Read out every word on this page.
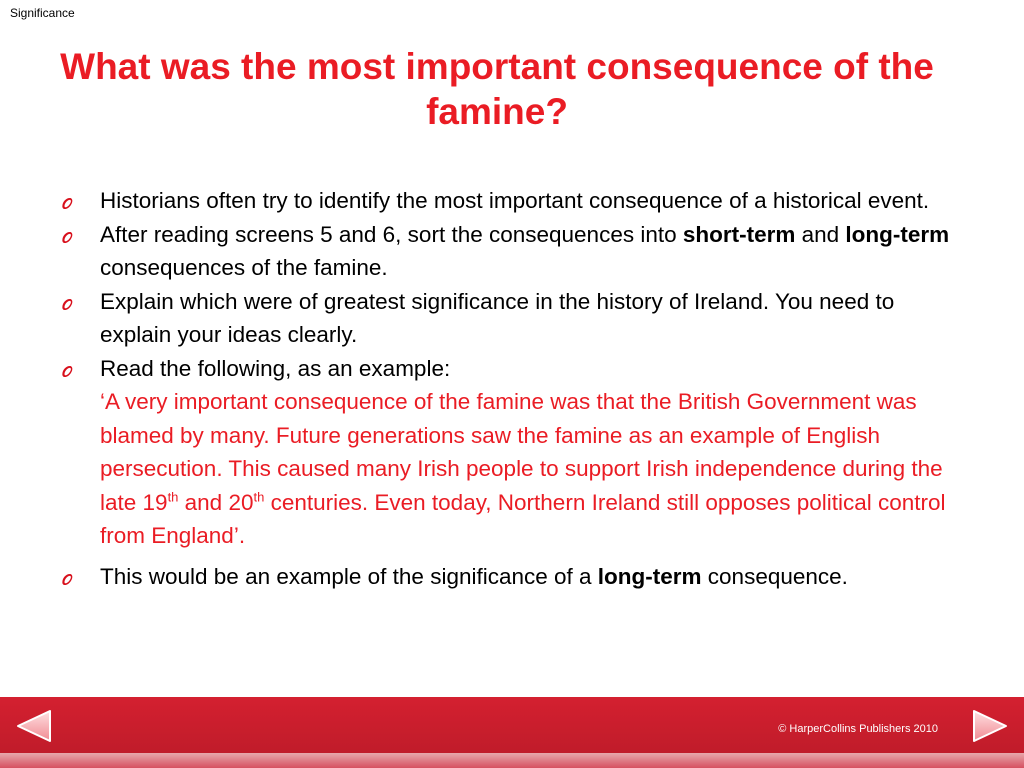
Significance
What was the most important consequence of the famine?
Historians often try to identify the most important consequence of a historical event.
After reading screens 5 and 6, sort the consequences into short-term and long-term consequences of the famine.
Explain which were of greatest significance in the history of Ireland. You need to explain your ideas clearly.
Read the following, as an example:
‘A very important consequence of the famine was that the British Government was blamed by many. Future generations saw the famine as an example of English persecution. This caused many Irish people to support Irish independence during the late 19th and 20th centuries. Even today, Northern Ireland still opposes political control from England’.
This would be an example of the significance of a long-term consequence.
© HarperCollins Publishers 2010
